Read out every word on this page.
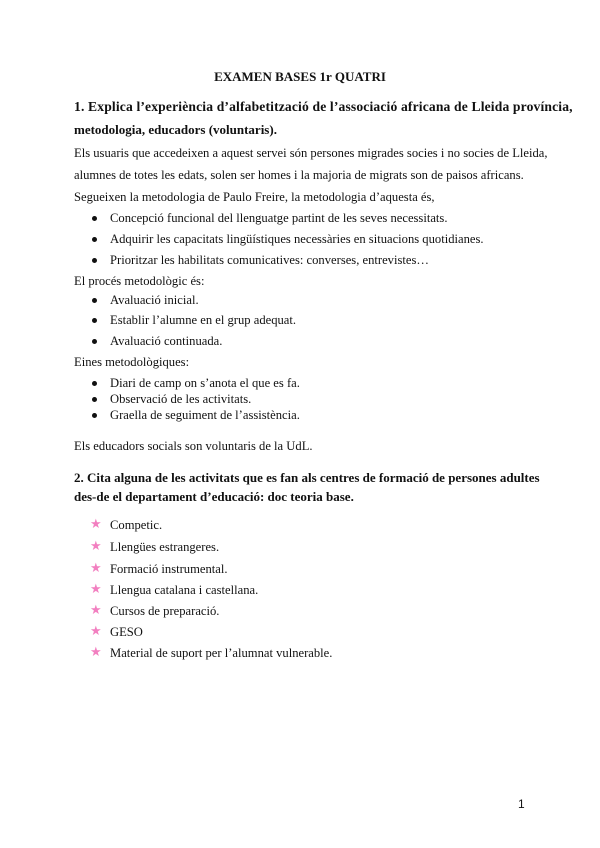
EXAMEN BASES 1r QUATRI
1. Explica l’experiència d’alfabetització de l’associació africana de Lleida província,
metodologia, educadors (voluntaris).
Els usuaris que accedeixen a aquest servei són persones migrades socies i no socies de Lleida,
alumnes de totes les edats, solen ser homes i la majoria de migrats son de paisos africans.
Segueixen la metodologia de Paulo Freire, la metodologia d’aquesta és,
Concepció funcional del llenguatge partint de les seves necessitats.
Adquirir les capacitats lingüístiques necessàries en situacions quotidianes.
Prioritzar les habilitats comunicatives: converses, entrevistes…
El procés metodològic és:
Avaluació inicial.
Establir l’alumne en el grup adequat.
Avaluació continuada.
Eines metodològiques:
Diari de camp on s’anota el que es fa.
Observació de les activitats.
Graella de seguiment de l’assistència.
Els educadors socials son voluntaris de la UdL.
2. Cita alguna de les activitats que es fan als centres de formació de persones adultes
des-de el departament d’educació: doc teoria base.
★ Competic.
★ Llengües estrangeres.
★ Formació instrumental.
★ Llengua catalana i castellana.
★ Cursos de preparació.
★ GESO
★ Material de suport per l’alumnat vulnerable.
1
